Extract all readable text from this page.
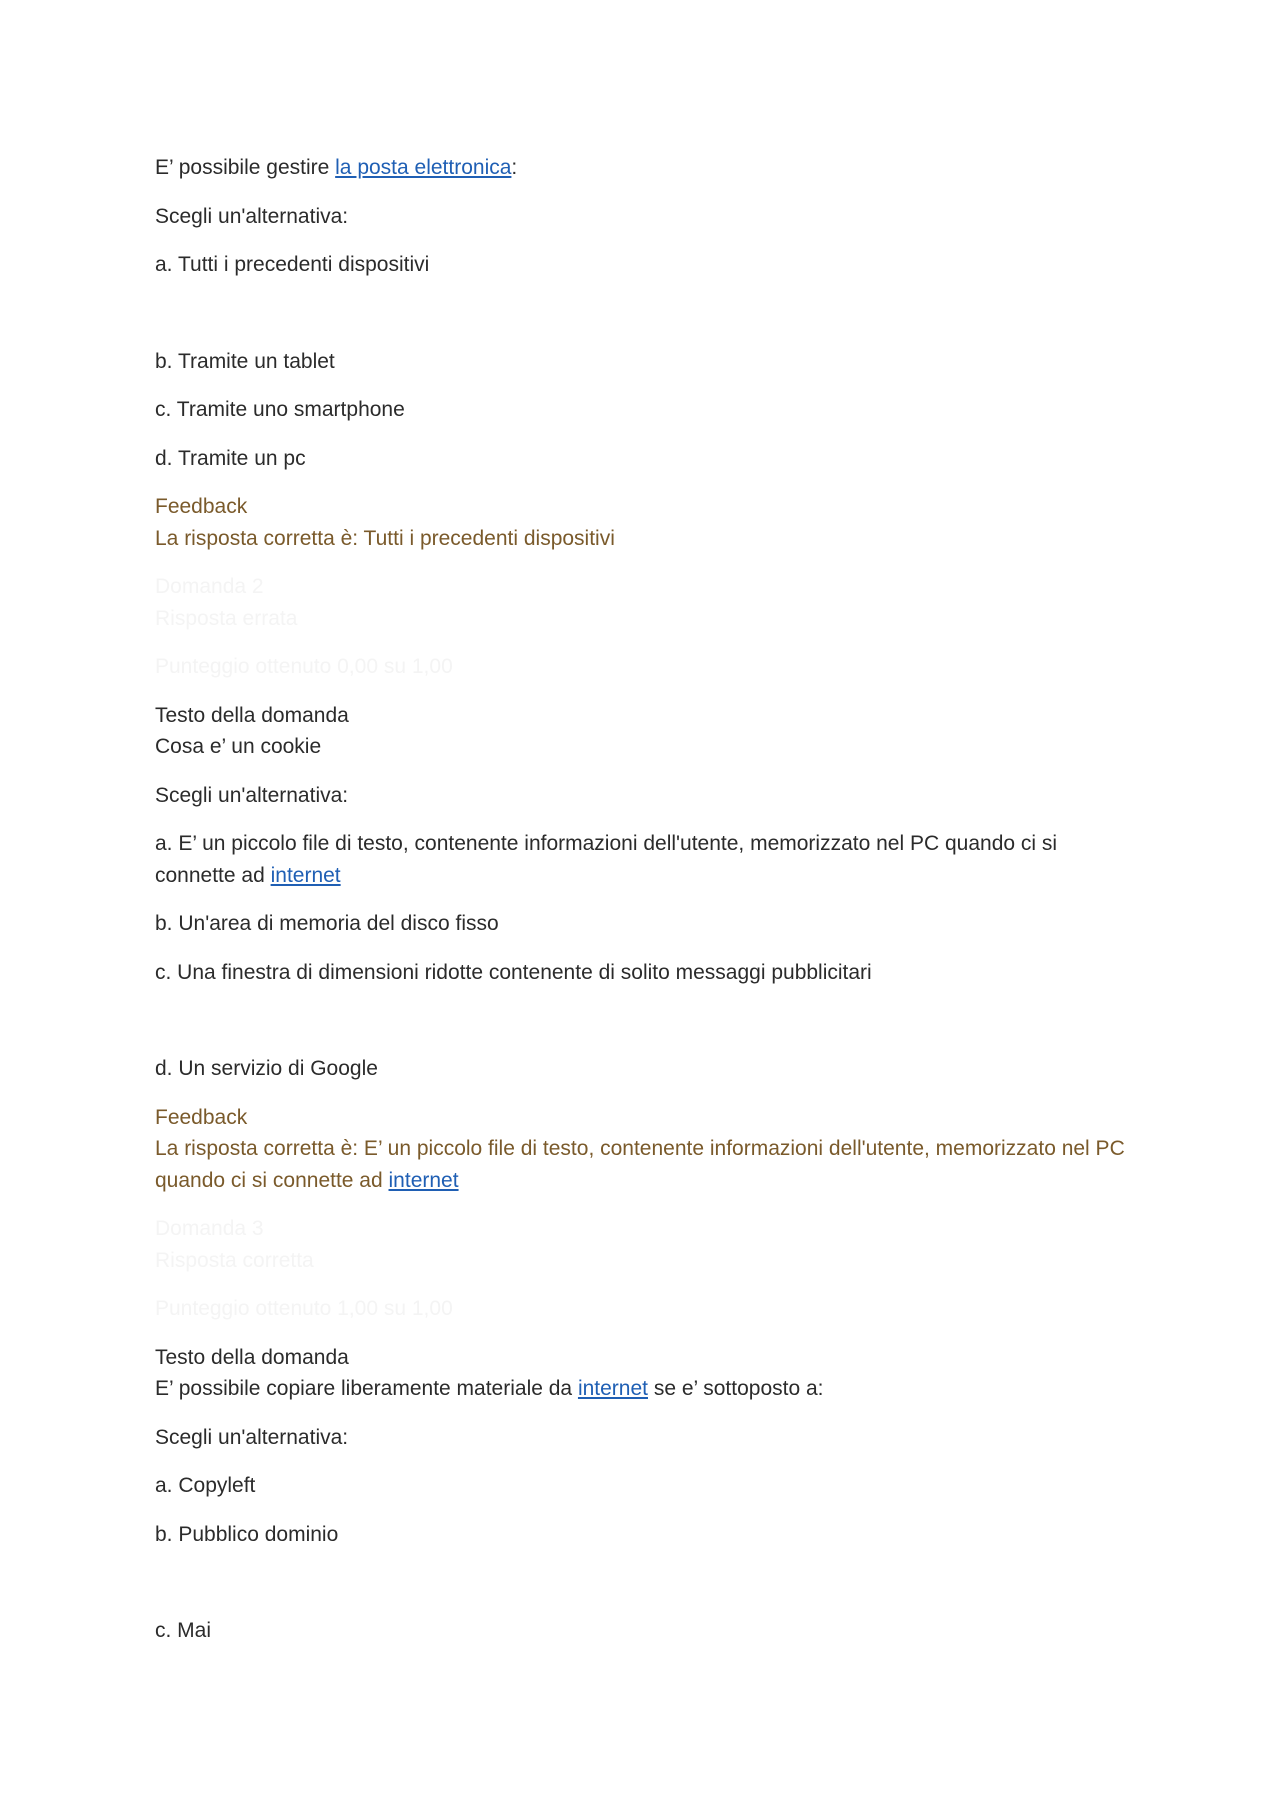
E’ possibile gestire la posta elettronica:

Scegli un'alternativa:

a. Tutti i precedenti dispositivi

b. Tramite un tablet

c. Tramite uno smartphone

d. Tramite un pc

Feedback
La risposta corretta è: Tutti i precedenti dispositivi

Domanda 2
Risposta errata

Punteggio ottenuto 0,00 su 1,00

Testo della domanda
Cosa e’ un cookie

Scegli un'alternativa:

a. E’ un piccolo file di testo, contenente informazioni dell'utente, memorizzato nel PC quando ci si connette ad internet

b. Un'area di memoria del disco fisso

c. Una finestra di dimensioni ridotte contenente di solito messaggi pubblicitari

d. Un servizio di Google

Feedback
La risposta corretta è: E’ un piccolo file di testo, contenente informazioni dell'utente, memorizzato nel PC quando ci si connette ad internet

Domanda 3
Risposta corretta

Punteggio ottenuto 1,00 su 1,00

Testo della domanda
E’ possibile copiare liberamente materiale da internet se e’ sottoposto a:

Scegli un'alternativa:

a. Copyleft

b. Pubblico dominio

c. Mai
